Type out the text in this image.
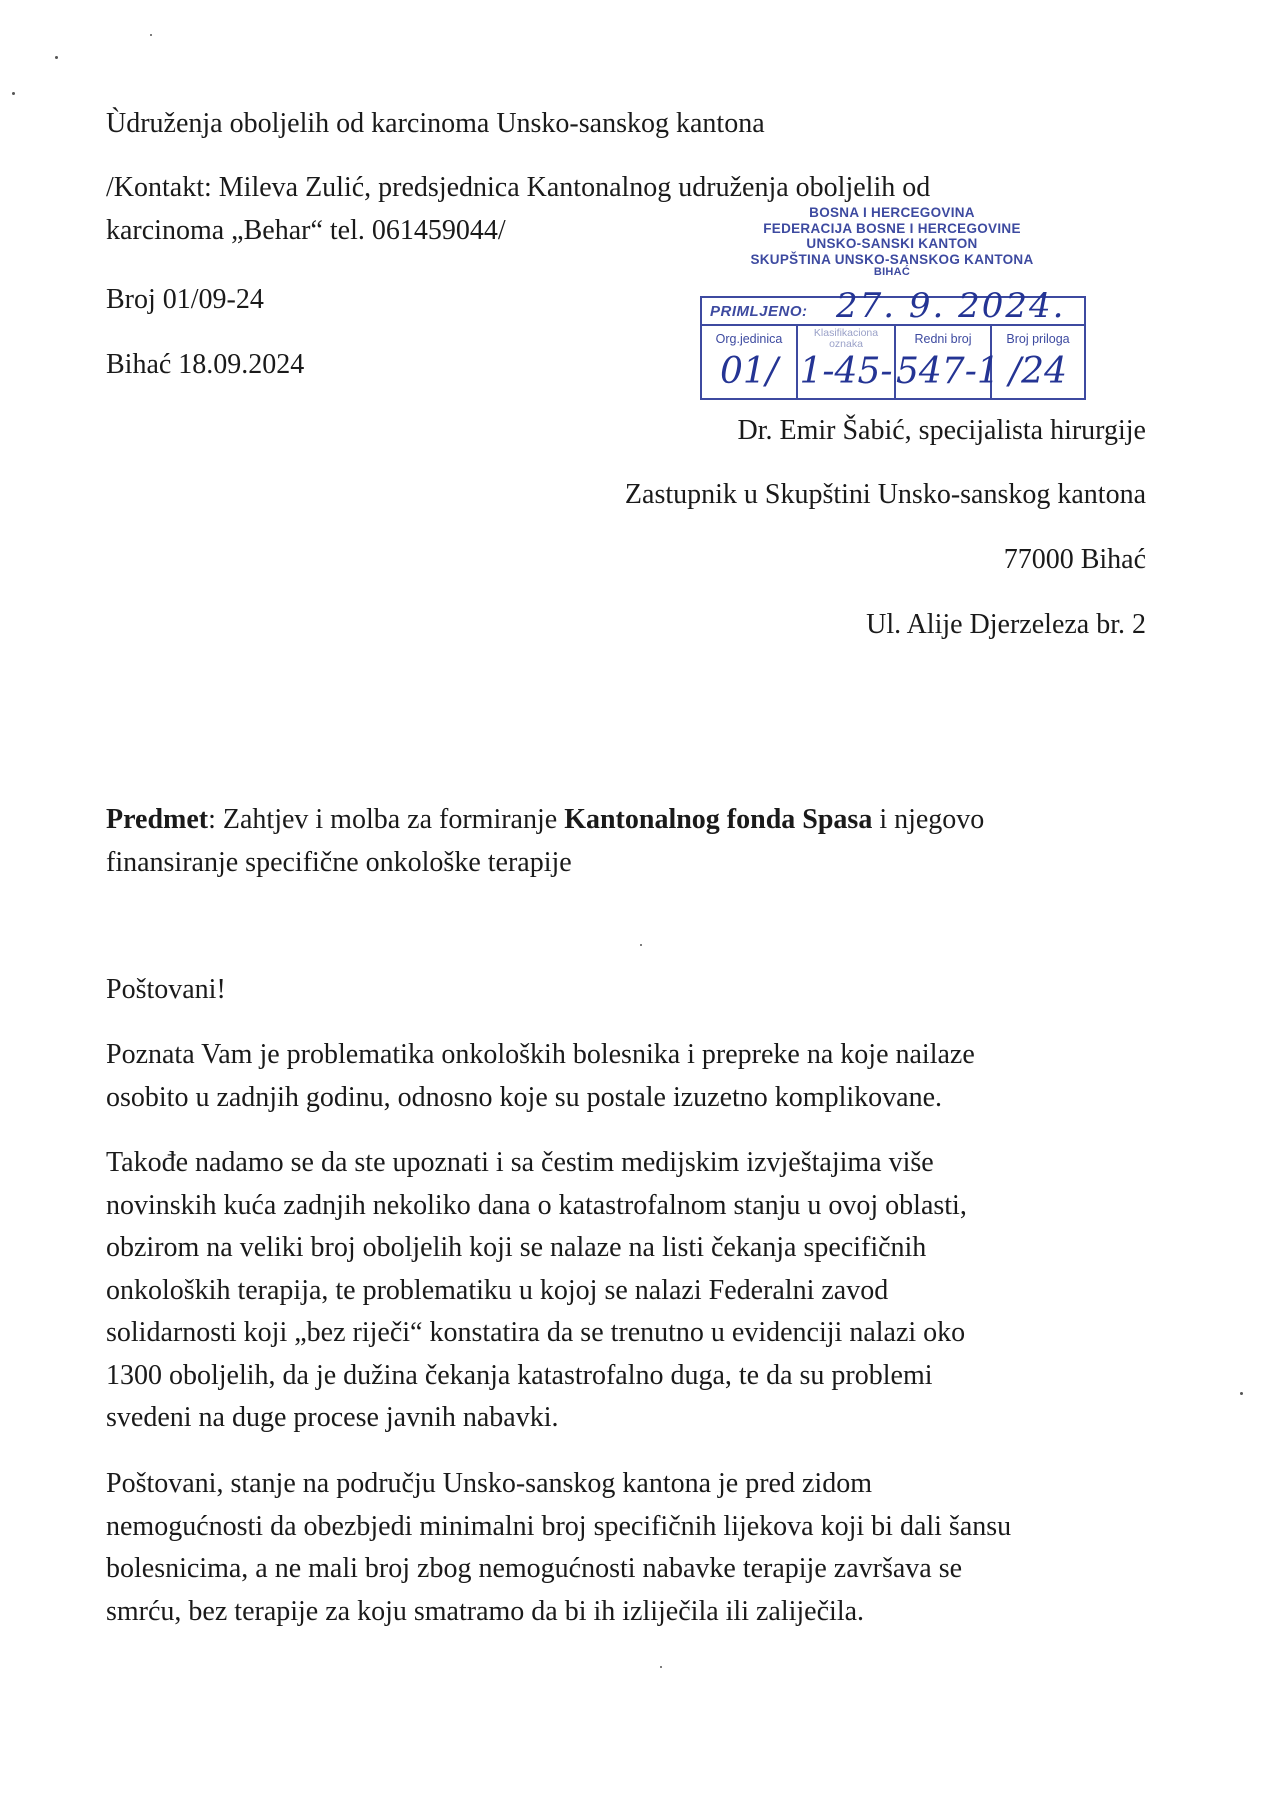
Ùdruženja oboljelih od karcinoma Unsko-sanskog kantona
/Kontakt: Mileva Zulić, predsjednica Kantonalnog udruženja oboljelih od
karcinoma „Behar“ tel. 061459044/
Broj 01/09-24
Bihać 18.09.2024
BOSNA I HERCEGOVINA
FEDERACIJA BOSNE I HERCEGOVINE
UNSKO-SANSKI KANTON
SKUPŠTINA UNSKO-SANSKOG KANTONA
BIHAĆ
PRIMLJENO: 27. 9. 2024.
Org.jedinica
01/
Klasifikaciona oznaka
1-45-
Redni broj
547-1
Broj priloga
/24
Dr. Emir Šabić, specijalista hirurgije
Zastupnik u Skupštini Unsko-sanskog kantona
77000 Bihać
Ul. Alije Djerzeleza br. 2
Predmet: Zahtjev i molba za formiranje Kantonalnog fonda Spasa i njegovo
finansiranje specifične onkološke terapije
Poštovani!
Poznata Vam je problematika onkoloških bolesnika i prepreke na koje nailaze
osobito u zadnjih godinu, odnosno koje su postale izuzetno komplikovane.
Takođe nadamo se da ste upoznati i sa čestim medijskim izvještajima više
novinskih kuća zadnjih nekoliko dana o katastrofalnom stanju u ovoj oblasti,
obzirom na veliki broj oboljelih koji se nalaze na listi čekanja specifičnih
onkoloških terapija, te problematiku u kojoj se nalazi Federalni zavod
solidarnosti koji „bez riječi“ konstatira da se trenutno u evidenciji nalazi oko
1300 oboljelih, da je dužina čekanja katastrofalno duga, te da su problemi
svedeni na duge procese javnih nabavki.
Poštovani, stanje na području Unsko-sanskog kantona je pred zidom
nemogućnosti da obezbjedi minimalni broj specifičnih lijekova koji bi dali šansu
bolesnicima, a ne mali broj zbog nemogućnosti nabavke terapije završava se
smrću, bez terapije za koju smatramo da bi ih izliječila ili zaliječila.
